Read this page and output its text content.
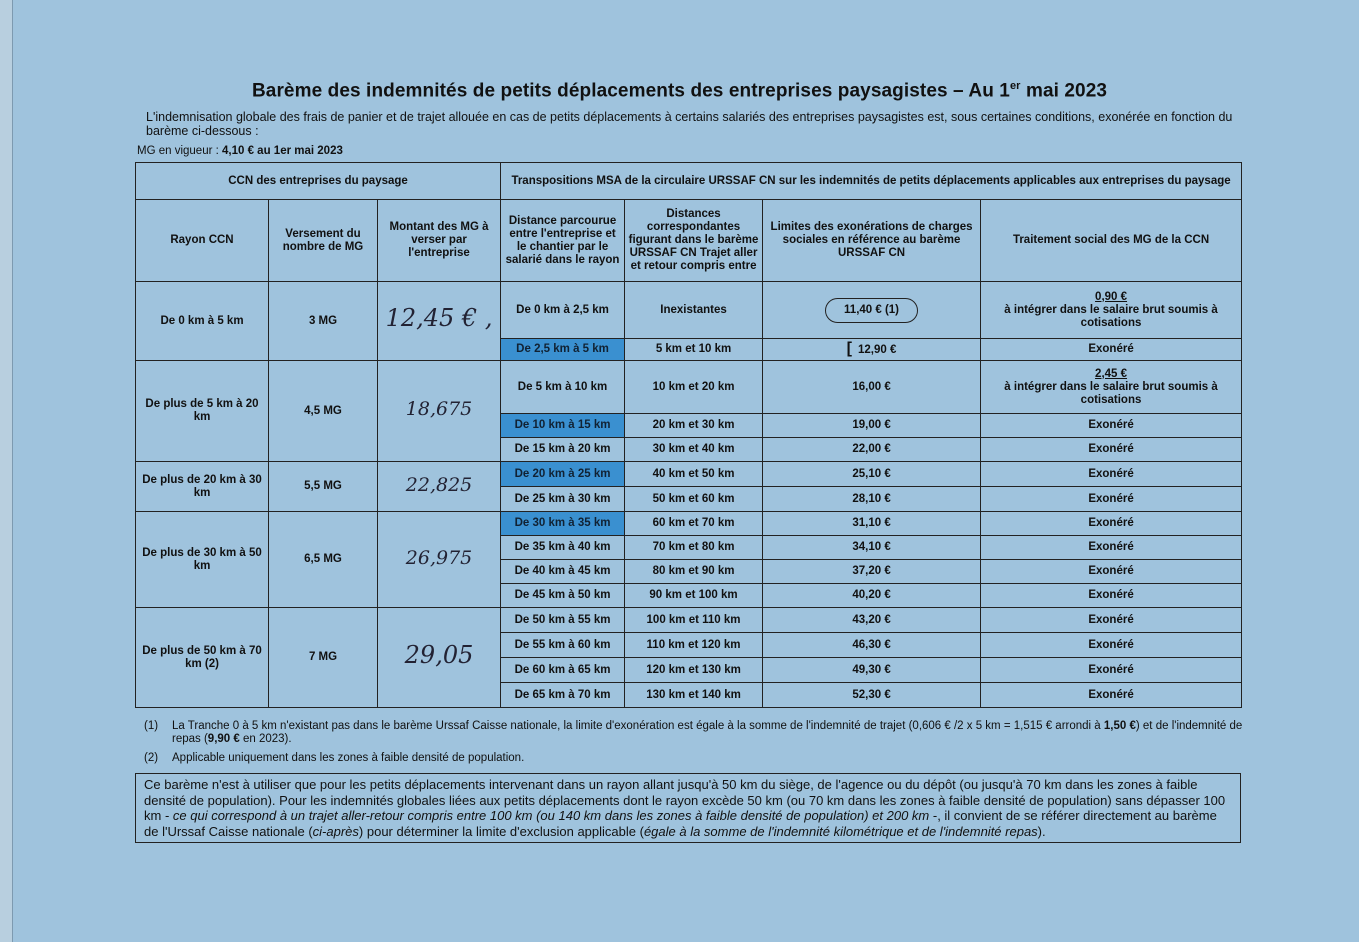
Barème des indemnités de petits déplacements des entreprises paysagistes – Au 1er mai 2023
L'indemnisation globale des frais de panier et de trajet allouée en cas de petits déplacements à certains salariés des entreprises paysagistes est, sous certaines conditions, exonérée en fonction du barème ci-dessous :
MG en vigueur : 4,10 € au 1er mai 2023
CCN des entreprises du paysage			Transpositions MSA de la circulaire URSSAF CN sur les indemnités de petits déplacements applicables aux entreprises du paysage			
Rayon CCN	Versement du nombre de MG	Montant des MG à verser par l'entreprise	Distance parcourue entre l'entreprise et le chantier par le salarié dans le rayon	Distances correspondantes figurant dans le barème URSSAF CN Trajet aller et retour compris entre	Limites des exonérations de charges sociales en référence au barème URSSAF CN	Traitement social des MG de la CCN
De 0 km à 5 km	3 MG	12,45 € ,	De 0 km à 2,5 km	Inexistantes	11,40 € (1)	0,90 €
à intégrer dans le salaire brut soumis à cotisations

			De 2,5 km à 5 km	5 km et 10 km	[ 12,90 €	Exonéré
De plus de 5 km à 20 km	4,5 MG	18,675	De 5 km à 10 km	10 km et 20 km	16,00 €	2,45 €
à intégrer dans le salaire brut soumis à cotisations

			De 10 km à 15 km	20 km et 30 km	19,00 €	Exonéré
			De 15 km à 20 km	30 km et 40 km	22,00 €	Exonéré
De plus de 20 km à 30 km	5,5 MG	22,825	De 20 km à 25 km	40 km et 50 km	25,10 €	Exonéré
			De 25 km à 30 km	50 km et 60 km	28,10 €	Exonéré
De plus de 30 km à 50 km	6,5 MG	26,975	De 30 km à 35 km	60 km et 70 km	31,10 €	Exonéré
			De 35 km à 40 km	70 km et 80 km	34,10 €	Exonéré
			De 40 km à 45 km	80 km et 90 km	37,20 €	Exonéré
			De 45 km à 50 km	90 km et 100 km	40,20 €	Exonéré
De plus de 50 km à 70 km (2)	7 MG	29,05	De 50 km à 55 km	100 km et 110 km	43,20 €	Exonéré
			De 55 km à 60 km	110 km et 120 km	46,30 €	Exonéré
			De 60 km à 65 km	120 km et 130 km	49,30 €	Exonéré
			De 65 km à 70 km	130 km et 140 km	52,30 €	Exonéré
(1) La Tranche 0 à 5 km n'existant pas dans le barème Urssaf Caisse nationale, la limite d'exonération est égale à la somme de l'indemnité de trajet (0,606 € /2 x 5 km = 1,515 € arrondi à 1,50 €) et de l'indemnité de repas (9,90 € en 2023).
(2) Applicable uniquement dans les zones à faible densité de population.
Ce barème n'est à utiliser que pour les petits déplacements intervenant dans un rayon allant jusqu'à 50 km du siège, de l'agence ou du dépôt (ou jusqu'à 70 km dans les zones à faible densité de population). Pour les indemnités globales liées aux petits déplacements dont le rayon excède 50 km (ou 70 km dans les zones à faible densité de population) sans dépasser 100 km - ce qui correspond à un trajet aller-retour compris entre 100 km (ou 140 km dans les zones à faible densité de population) et 200 km -, il convient de se référer directement au barème de l'Urssaf Caisse nationale (ci-après) pour déterminer la limite d'exclusion applicable (égale à la somme de l'indemnité kilométrique et de l'indemnité repas).
